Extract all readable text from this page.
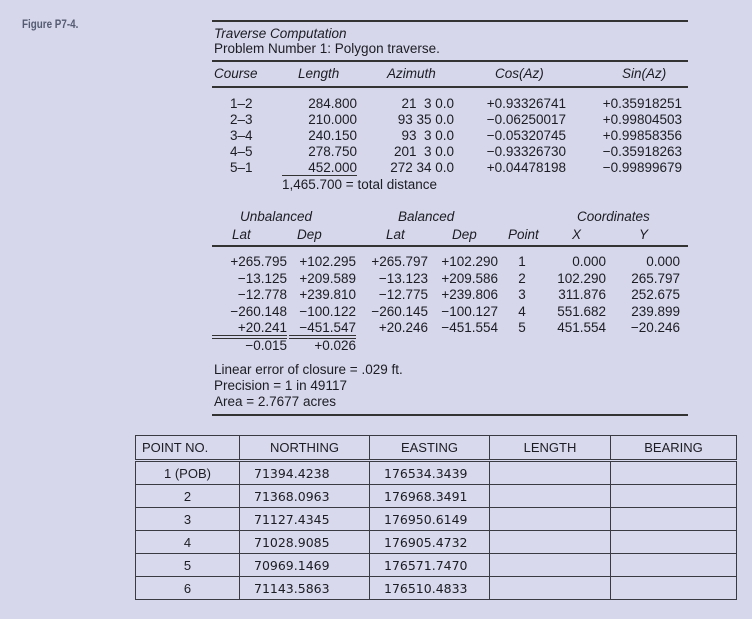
Figure P7-4.
Traverse Computation
Problem Number 1: Polygon traverse.
Course	Length	Azimuth	Cos(Az)	Sin(Az)
1–2	284.800	21  3 0.0	+0.93326741	+0.35918251
2–3	210.000	93 35 0.0	−0.06250017	+0.99804503
3–4	240.150	93  3 0.0	−0.05320745	+0.99858356
4–5	278.750	201  3 0.0	−0.93326730	−0.35918263
5–1	452.000	272 34 0.0	+0.04478198	−0.99899679
1,465.700 = total distance
Unbalanced	Balanced	Coordinates
Lat	Dep	Lat	Dep Point X	Y
+265.795 +102.295	+265.797 +102.290	1	0.000	0.000
−13.125 +209.589	−13.123 +209.586	2	102.290	265.797
−12.778 +239.810	−12.775 +239.806	3	311.876	252.675
−260.148 −100.122	−260.145 −100.127	4	551.682	239.899
+20.241 −451.547	+20.246 −451.554	5	451.554	−20.246
−0.015	+0.026
Linear error of closure = .029 ft.
Precision = 1 in 49117
Area = 2.7677 acres
POINT NO.	NORTHING	EASTING	LENGTH	BEARING
1 (POB)	71394.4238	176534.3439		
2	71368.0963	176968.3491		
3	71127.4345	176950.6149		
4	71028.9085	176905.4732		
5	70969.1469	176571.7470		
6	71143.5863	176510.4833		
